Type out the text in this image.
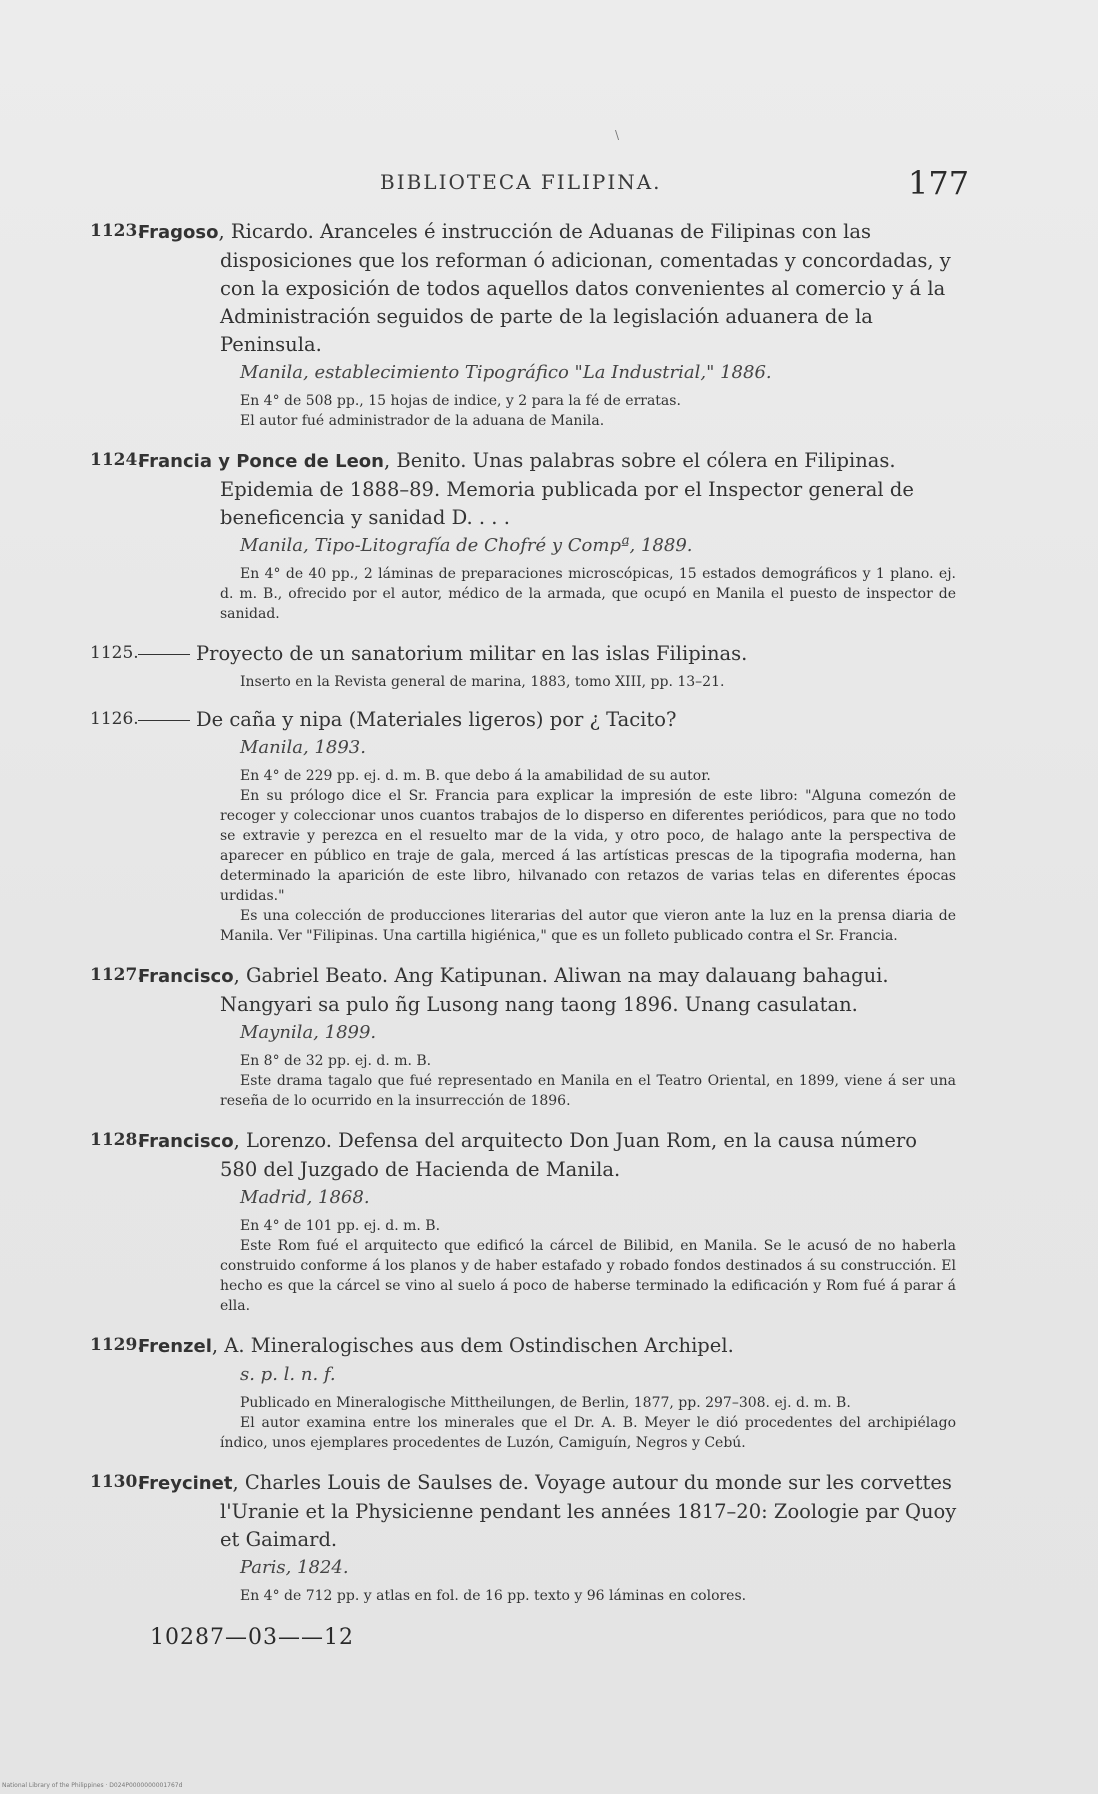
\
BIBLIOTECA FILIPINA.	177
1123.
Fragoso, Ricardo. Aranceles é instrucción de Aduanas de Filipinas con las disposiciones que los reforman ó adicionan, comentadas y concordadas, y con la exposición de todos aquellos datos convenientes al comercio y á la Administración seguidos de parte de la legislación aduanera de la Peninsula.
Manila, establecimiento Tipográfico "La Industrial," 1886.
En 4° de 508 pp., 15 hojas de indice, y 2 para la fé de erratas.
El autor fué administrador de la aduana de Manila.
1124.
Francia y Ponce de Leon, Benito. Unas palabras sobre el cólera en Filipinas. Epidemia de 1888–89. Memoria publicada por el Inspector general de beneficencia y sanidad D. . . .
Manila, Tipo-Litografía de Chofré y Compª, 1889.
En 4° de 40 pp., 2 láminas de preparaciones microscópicas, 15 estados demográficos y 1 plano. ej. d. m. B., ofrecido por el autor, médico de la armada, que ocupó en Manila el puesto de inspector de sanidad.
1125.	Proyecto de un sanatorium militar en las islas Filipinas.
Inserto en la Revista general de marina, 1883, tomo XIII, pp. 13–21.
1126.	De caña y nipa (Materiales ligeros) por ¿ Tacito?
Manila, 1893.
En 4° de 229 pp. ej. d. m. B. que debo á la amabilidad de su autor.
En su prólogo dice el Sr. Francia para explicar la impresión de este libro: "Alguna comezón de recoger y coleccionar unos cuantos trabajos de lo disperso en diferentes periódicos, para que no todo se extravie y perezca en el resuelto mar de la vida, y otro poco, de halago ante la perspectiva de aparecer en público en traje de gala, merced á las artísticas prescas de la tipografia moderna, han determinado la aparición de este libro, hilvanado con retazos de varias telas en diferentes épocas urdidas."
Es una colección de producciones literarias del autor que vieron ante la luz en la prensa diaria de Manila. Ver "Filipinas. Una cartilla higiénica," que es un folleto publicado contra el Sr. Francia.
1127.
Francisco, Gabriel Beato. Ang Katipunan. Aliwan na may dalauang bahagui. Nangyari sa pulo ñg Lusong nang taong 1896. Unang casulatan.
Maynila, 1899.
En 8° de 32 pp. ej. d. m. B.
Este drama tagalo que fué representado en Manila en el Teatro Oriental, en 1899, viene á ser una reseña de lo ocurrido en la insurrección de 1896.
1128.
Francisco, Lorenzo. Defensa del arquitecto Don Juan Rom, en la causa número 580 del Juzgado de Hacienda de Manila.
Madrid, 1868.
En 4° de 101 pp. ej. d. m. B.
Este Rom fué el arquitecto que edificó la cárcel de Bilibid, en Manila. Se le acusó de no haberla construido conforme á los planos y de haber estafado y robado fondos destinados á su construcción. El hecho es que la cárcel se vino al suelo á poco de haberse terminado la edificación y Rom fué á parar á ella.
1129.
Frenzel, A. Mineralogisches aus dem Ostindischen Archipel.
s. p. l. n. f.
Publicado en Mineralogische Mittheilungen, de Berlin, 1877, pp. 297–308. ej. d. m. B.
El autor examina entre los minerales que el Dr. A. B. Meyer le dió procedentes del archipiélago índico, unos ejemplares procedentes de Luzón, Camiguín, Negros y Cebú.
1130.
Freycinet, Charles Louis de Saulses de. Voyage autour du monde sur les corvettes l'Uranie et la Physicienne pendant les années 1817–20: Zoologie par Quoy et Gaimard.
Paris, 1824.
En 4° de 712 pp. y atlas en fol. de 16 pp. texto y 96 láminas en colores.
10287—03——12
National Library of the Philippines · D024P0000000001767d
